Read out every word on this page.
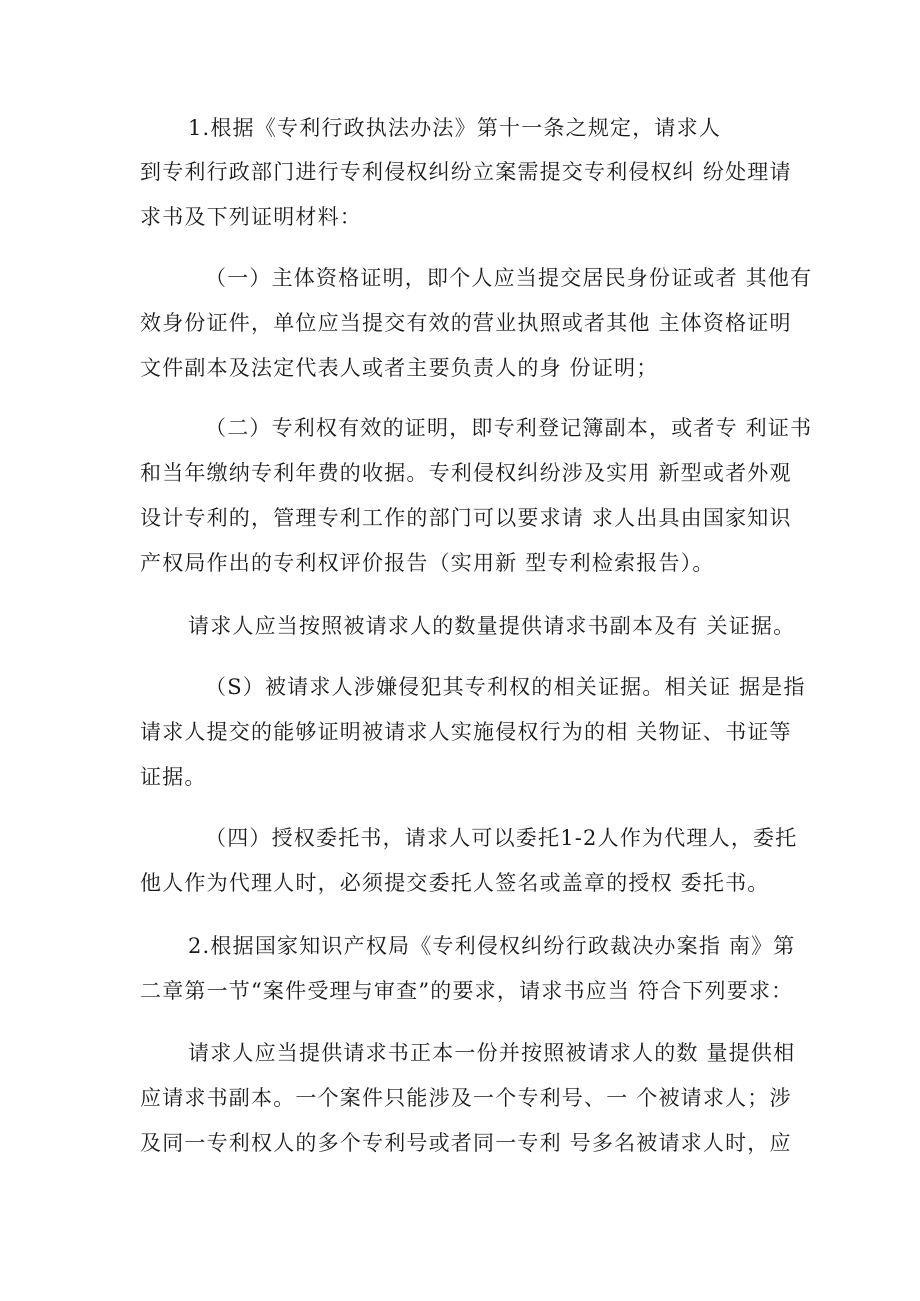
1.根据《专利行政执法办法》第十一条之规定，请求人
到专利行政部门进行专利侵权纠纷立案需提交专利侵权纠 纷处理请
求书及下列证明材料：
（一）主体资格证明，即个人应当提交居民身份证或者 其他有
效身份证件，单位应当提交有效的营业执照或者其他 主体资格证明
文件副本及法定代表人或者主要负责人的身 份证明；
（二）专利权有效的证明，即专利登记簿副本，或者专 利证书
和当年缴纳专利年费的收据。专利侵权纠纷涉及实用 新型或者外观
设计专利的，管理专利工作的部门可以要求请 求人出具由国家知识
产权局作出的专利权评价报告（实用新 型专利检索报告）。
请求人应当按照被请求人的数量提供请求书副本及有 关证据。
（S）被请求人涉嫌侵犯其专利权的相关证据。相关证 据是指
请求人提交的能够证明被请求人实施侵权行为的相 关物证、书证等
证据。
（四）授权委托书，请求人可以委托1-2人作为代理人，委托
他人作为代理人时，必须提交委托人签名或盖章的授权 委托书。
2.根据国家知识产权局《专利侵权纠纷行政裁决办案指 南》第
二章第一节“案件受理与审查”的要求，请求书应当 符合下列要求：
请求人应当提供请求书正本一份并按照被请求人的数 量提供相
应请求书副本。一个案件只能涉及一个专利号、一 个被请求人；涉
及同一专利权人的多个专利号或者同一专利 号多名被请求人时，应
